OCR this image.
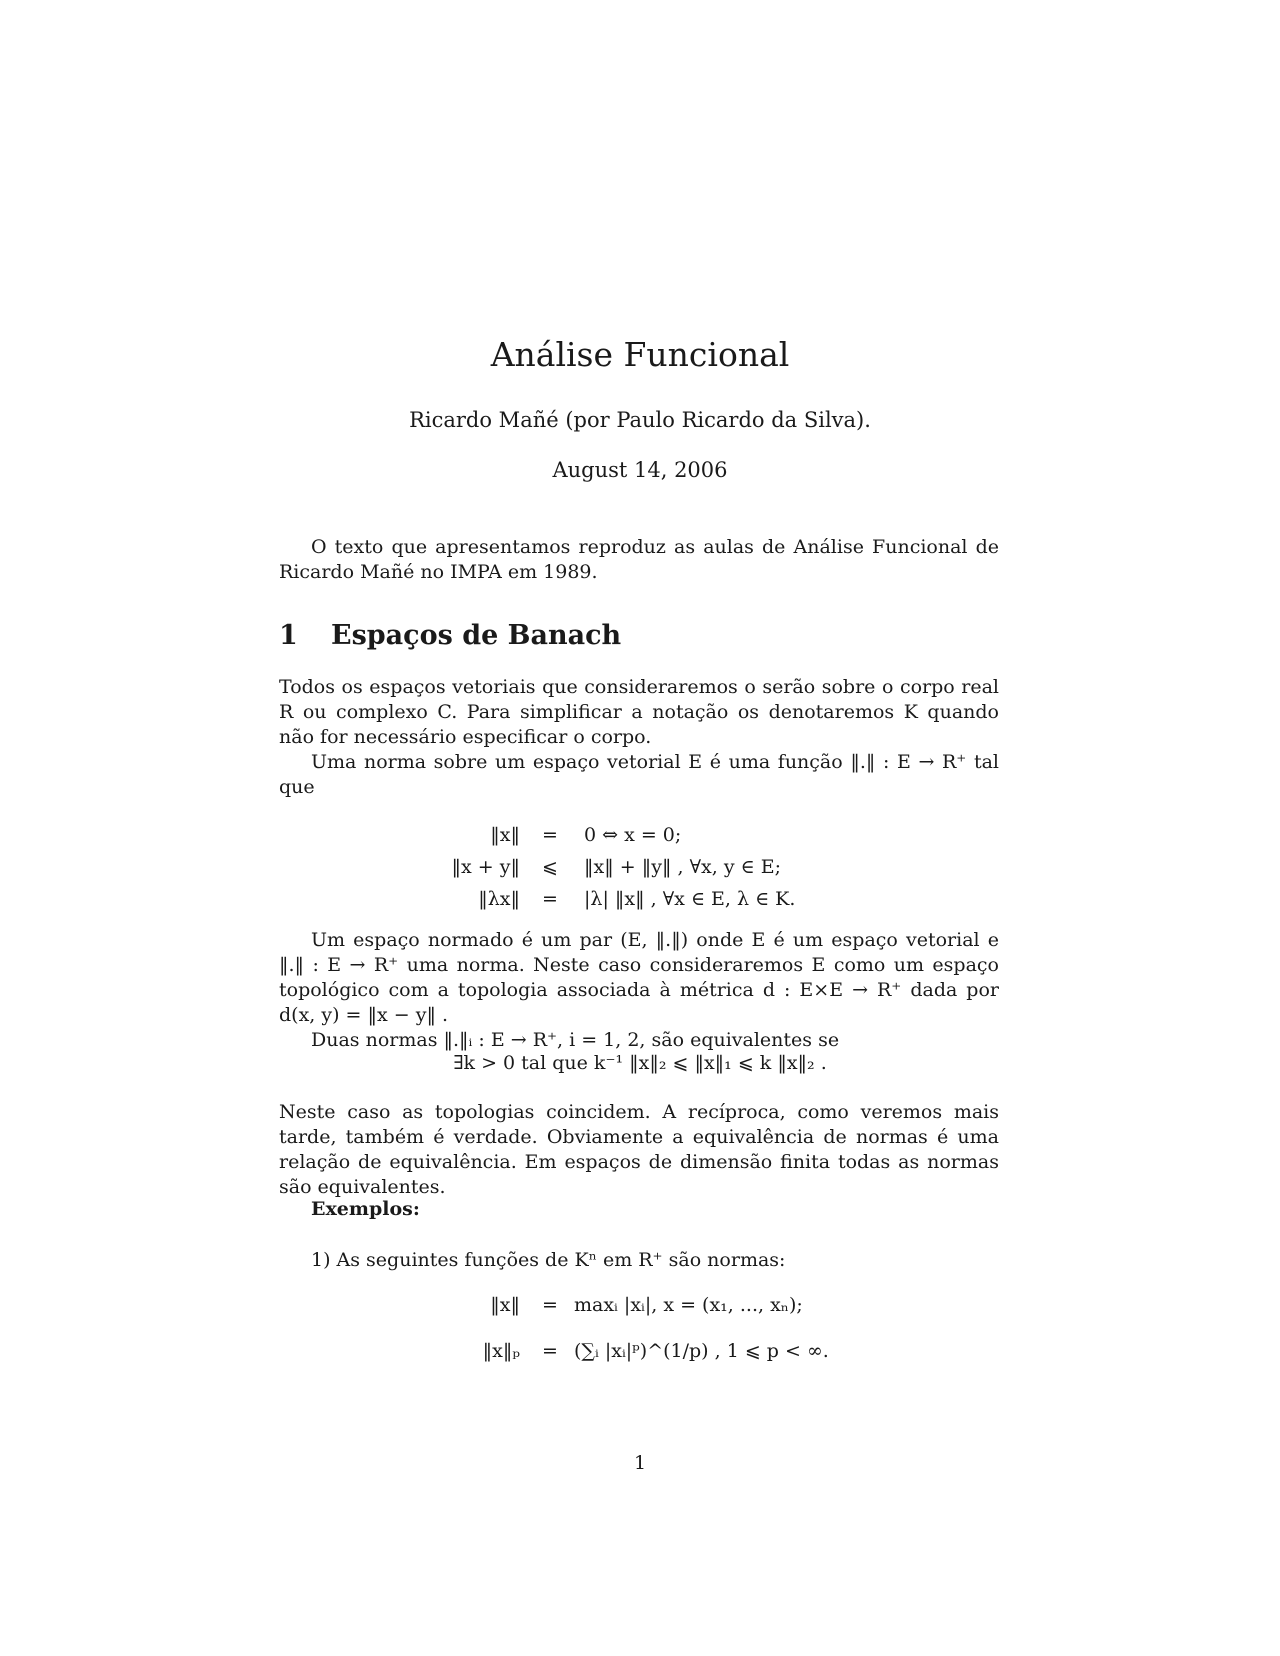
Análise Funcional
Ricardo Mañé (por Paulo Ricardo da Silva).
August 14, 2006

O texto que apresentamos reproduz as aulas de Análise Funcional de Ricardo Mañé no IMPA em 1989.

1 Espaços de Banach

Todos os espaços vetoriais que consideraremos o serão sobre o corpo real R ou complexo C. Para simplificar a notação os denotaremos K quando não for necessário especificar o corpo.

Uma norma sobre um espaço vetorial E é uma função ‖.‖ : E → R⁺ tal que

‖x‖	=	0 ⇔ x = 0;
‖x + y‖	⩽	‖x‖ + ‖y‖ , ∀x, y ∈ E;
‖λx‖	=	|λ| ‖x‖ , ∀x ∈ E, λ ∈ K.

Um espaço normado é um par (E, ‖.‖) onde E é um espaço vetorial e ‖.‖ : E → R⁺ uma norma. Neste caso consideraremos E como um espaço topológico com a topologia associada à métrica d : E×E → R⁺ dada por d(x, y) = ‖x − y‖ .

Duas normas ‖.‖ᵢ : E → R⁺, i = 1, 2, são equivalentes se

∃k > 0 tal que k⁻¹ ‖x‖₂ ⩽ ‖x‖₁ ⩽ k ‖x‖₂ .

Neste caso as topologias coincidem. A recíproca, como veremos mais tarde, também é verdade. Obviamente a equivalência de normas é uma relação de equivalência. Em espaços de dimensão finita todas as normas são equivalentes.

Exemplos:

1) As seguintes funções de Kⁿ em R⁺ são normas:

‖x‖	= maxᵢ |xᵢ|, x = (x₁, ..., xₙ);
‖x‖ₚ	= (∑ᵢ |xᵢ|ᵖ)^(1/p) , 1 ⩽ p < ∞.
1
